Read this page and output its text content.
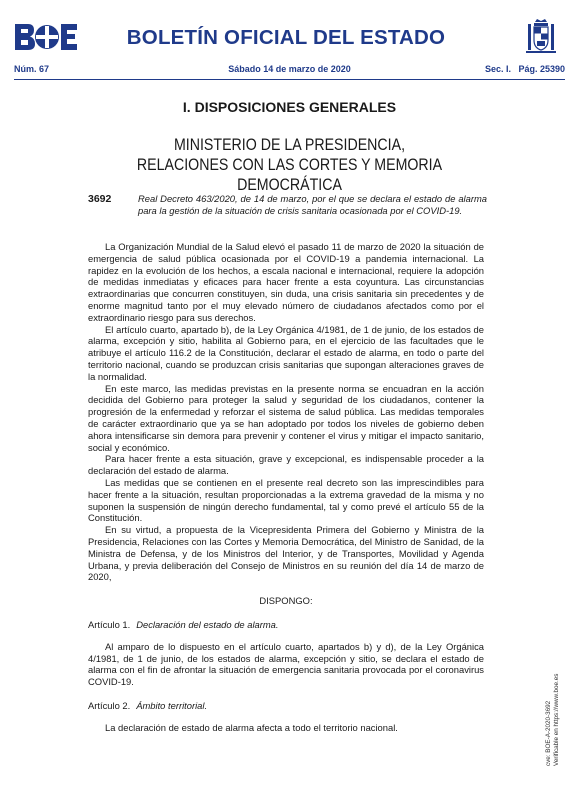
BOLETÍN OFICIAL DEL ESTADO
Núm. 67	Sábado 14 de marzo de 2020	Sec. I.   Pág. 25390
I. DISPOSICIONES GENERALES
MINISTERIO DE LA PRESIDENCIA,
RELACIONES CON LAS CORTES Y MEMORIA DEMOCRÁTICA
3692	Real Decreto 463/2020, de 14 de marzo, por el que se declara el estado de alarma para la gestión de la situación de crisis sanitaria ocasionada por el COVID-19.

La Organización Mundial de la Salud elevó el pasado 11 de marzo de 2020 la situación de emergencia de salud pública ocasionada por el COVID-19 a pandemia internacional. La rapidez en la evolución de los hechos, a escala nacional e internacional, requiere la adopción de medidas inmediatas y eficaces para hacer frente a esta coyuntura. Las circunstancias extraordinarias que concurren constituyen, sin duda, una crisis sanitaria sin precedentes y de enorme magnitud tanto por el muy elevado número de ciudadanos afectados como por el extraordinario riesgo para sus derechos.

El artículo cuarto, apartado b), de la Ley Orgánica 4/1981, de 1 de junio, de los estados de alarma, excepción y sitio, habilita al Gobierno para, en el ejercicio de las facultades que le atribuye el artículo 116.2 de la Constitución, declarar el estado de alarma, en todo o parte del territorio nacional, cuando se produzcan crisis sanitarias que supongan alteraciones graves de la normalidad.

En este marco, las medidas previstas en la presente norma se encuadran en la acción decidida del Gobierno para proteger la salud y seguridad de los ciudadanos, contener la progresión de la enfermedad y reforzar el sistema de salud pública. Las medidas temporales de carácter extraordinario que ya se han adoptado por todos los niveles de gobierno deben ahora intensificarse sin demora para prevenir y contener el virus y mitigar el impacto sanitario, social y económico.

Para hacer frente a esta situación, grave y excepcional, es indispensable proceder a la declaración del estado de alarma.

Las medidas que se contienen en el presente real decreto son las imprescindibles para hacer frente a la situación, resultan proporcionadas a la extrema gravedad de la misma y no suponen la suspensión de ningún derecho fundamental, tal y como prevé el artículo 55 de la Constitución.

En su virtud, a propuesta de la Vicepresidenta Primera del Gobierno y Ministra de la Presidencia, Relaciones con las Cortes y Memoria Democrática, del Ministro de Sanidad, de la Ministra de Defensa, y de los Ministros del Interior, y de Transportes, Movilidad y Agenda Urbana, y previa deliberación del Consejo de Ministros en su reunión del día 14 de marzo de 2020,

DISPONGO:
Artículo 1. Declaración del estado de alarma.

Al amparo de lo dispuesto en el artículo cuarto, apartados b) y d), de la Ley Orgánica 4/1981, de 1 de junio, de los estados de alarma, excepción y sitio, se declara el estado de alarma con el fin de afrontar la situación de emergencia sanitaria provocada por el coronavirus COVID-19.

Artículo 2. Ámbito territorial.

La declaración de estado de alarma afecta a todo el territorio nacional.	cve: BOE-A-2020-3692 Verificable en https://www.boe.es
